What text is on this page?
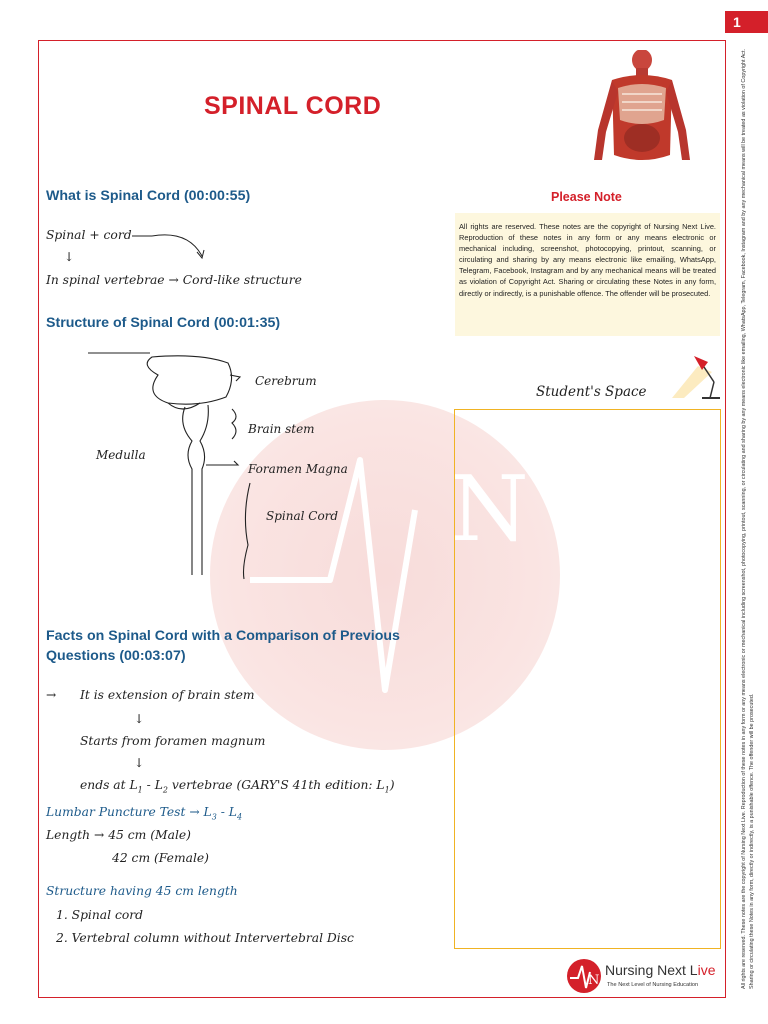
1
All rights are reserved. These notes are the copyright of Nursing Next Live. Reproduction of these notes in any form or any means electronic or mechanical including screenshot, photocopying, printout, scanning, or circulating and sharing by any means electronic like emailing, WhatsApp, Telegram, Facebook, Instagram and by any mechanical means will be treated as violation of Copyright Act. Sharing or circulating these Notes in any form, directly or indirectly, is a punishable offence. The offender will be prosecuted.
N
SPINAL CORD
What is Spinal Cord (00:00:55)
Spinal + cord
↓
In spinal vertebrae → Cord-like structure
Structure of Spinal Cord (00:01:35)
Cerebrum
Brain stem
Medulla
Foramen Magna
Spinal Cord
Facts on Spinal Cord with a Comparison of Previous
Questions (00:03:07)
→ It is extension of brain stem
↓
Starts from foramen magnum
↓
ends at $L_1 - L_2$ vertebrae (GARY'S 41th edition: $L_1$)
Lumbar Puncture Test → $L_3 - L_4$
Length → 45 cm (Male)
42 cm (Female)
Structure having 45 cm length
1. Spinal cord
2. Vertebral column without Intervertebral Disc
Please Note
All rights are reserved. These notes are the copyright of Nursing Next Live. Reproduction of these notes in any form or any means electronic or mechanical including, screenshot, photocopying, printout, scanning, or circulating and sharing by any means electronic like emailing, WhatsApp, Telegram, Facebook, Instagram and by any mechanical means will be treated as violation of Copyright Act. Sharing or circulating these Notes in any form, directly or indirectly, is a punishable offence. The offender will be prosecuted.
Student's Space
N
Nursing Next Live
The Next Level of Nursing Education
